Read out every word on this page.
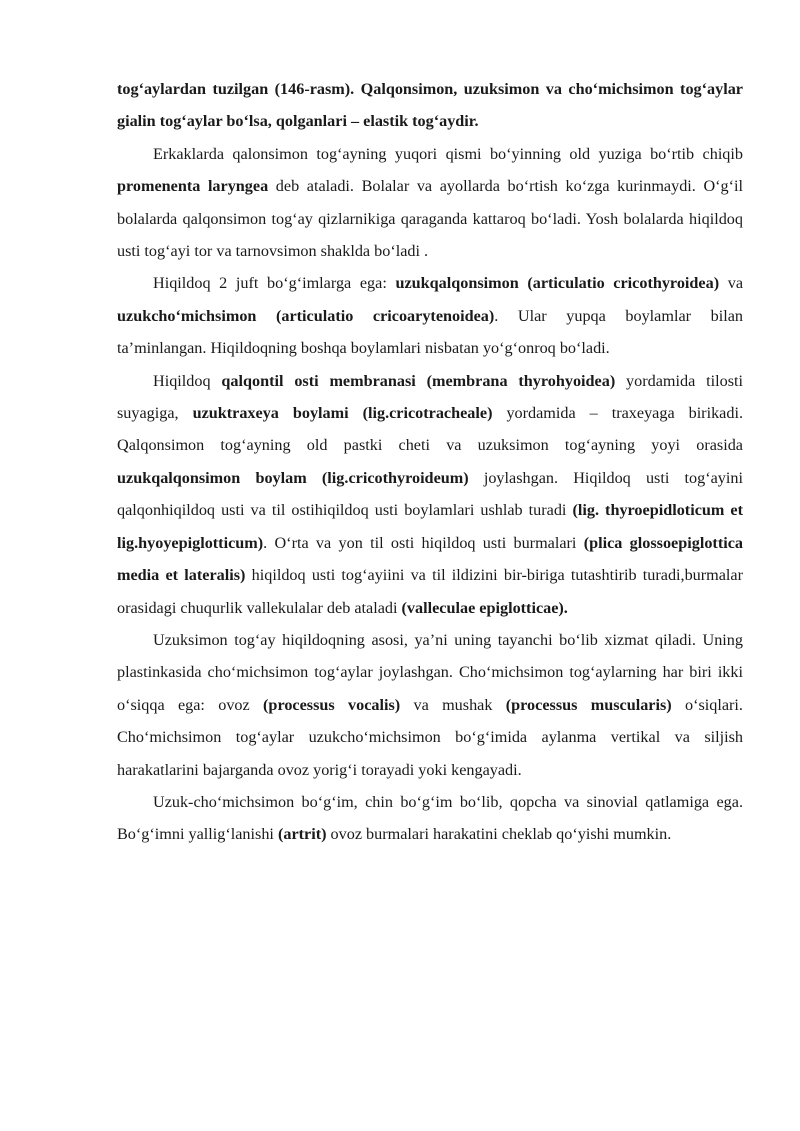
tog‘aylardan tuzilgan (146-rasm). Qalqonsimon, uzuksimon va cho‘michsimon tog‘aylar gialin tog‘aylar bo‘lsa, qolganlari – elastik tog‘aydir.

Erkaklarda qalonsimon tog‘ayning yuqori qismi bo‘yinning old yuziga bo‘rtib chiqib promenenta laryngea deb ataladi. Bolalar va ayollarda bo‘rtish ko‘zga kurinmaydi. O‘g‘il bolalarda qalqonsimon tog‘ay qizlarnikiga qaraganda kattaroq bo‘ladi. Yosh bolalarda hiqildoq usti tog‘ayi tor va tarnovsimon shaklda bo‘ladi .

Hiqildoq 2 juft bo‘g‘imlarga ega: uzukqalqonsimon (articulatio cricothyroidea) va uzukcho‘michsimon (articulatio cricoarytenoidea). Ular yupqa boylamlar bilan ta’minlangan. Hiqildoqning boshqa boylamlari nisbatan yo‘g‘onroq bo‘ladi.

Hiqildoq qalqontil osti membranasi (membrana thyrohyoidea) yordamida tilosti suyagiga, uzuktraxeya boylami (lig.cricotracheale) yordamida – traxeyaga birikadi. Qalqonsimon tog‘ayning old pastki cheti va uzuksimon tog‘ayning yoyi orasida uzukqalqonsimon boylam (lig.cricothyroideum) joylashgan. Hiqildoq usti tog‘ayini qalqonhiqildoq usti va til ostihiqildoq usti boylamlari ushlab turadi (lig. thyroepidloticum et lig.hyoyepiglotticum). O‘rta va yon til osti hiqildoq usti burmalari (plica glossoepiglottica media et lateralis) hiqildoq usti tog‘ayiini va til ildizini bir-biriga tutashtirib turadi,burmalar orasidagi chuqurlik vallekulalar deb ataladi (valleculae epiglotticae).

Uzuksimon tog‘ay hiqildoqning asosi, ya’ni uning tayanchi bo‘lib xizmat qiladi. Uning plastinkasida cho‘michsimon tog‘aylar joylashgan. Cho‘michsimon tog‘aylarning har biri ikki o‘siqqa ega: ovoz (processus vocalis) va mushak (processus muscularis) o‘siqlari. Cho‘michsimon tog‘aylar uzukcho‘michsimon bo‘g‘imida aylanma vertikal va siljish harakatlarini bajarganda ovoz yorig‘i torayadi yoki kengayadi.

Uzuk-cho‘michsimon bo‘g‘im, chin bo‘g‘im bo‘lib, qopcha va sinovial qatlamiga ega. Bo‘g‘imni yallig‘lanishi (artrit) ovoz burmalari harakatini cheklab qo‘yishi mumkin.
